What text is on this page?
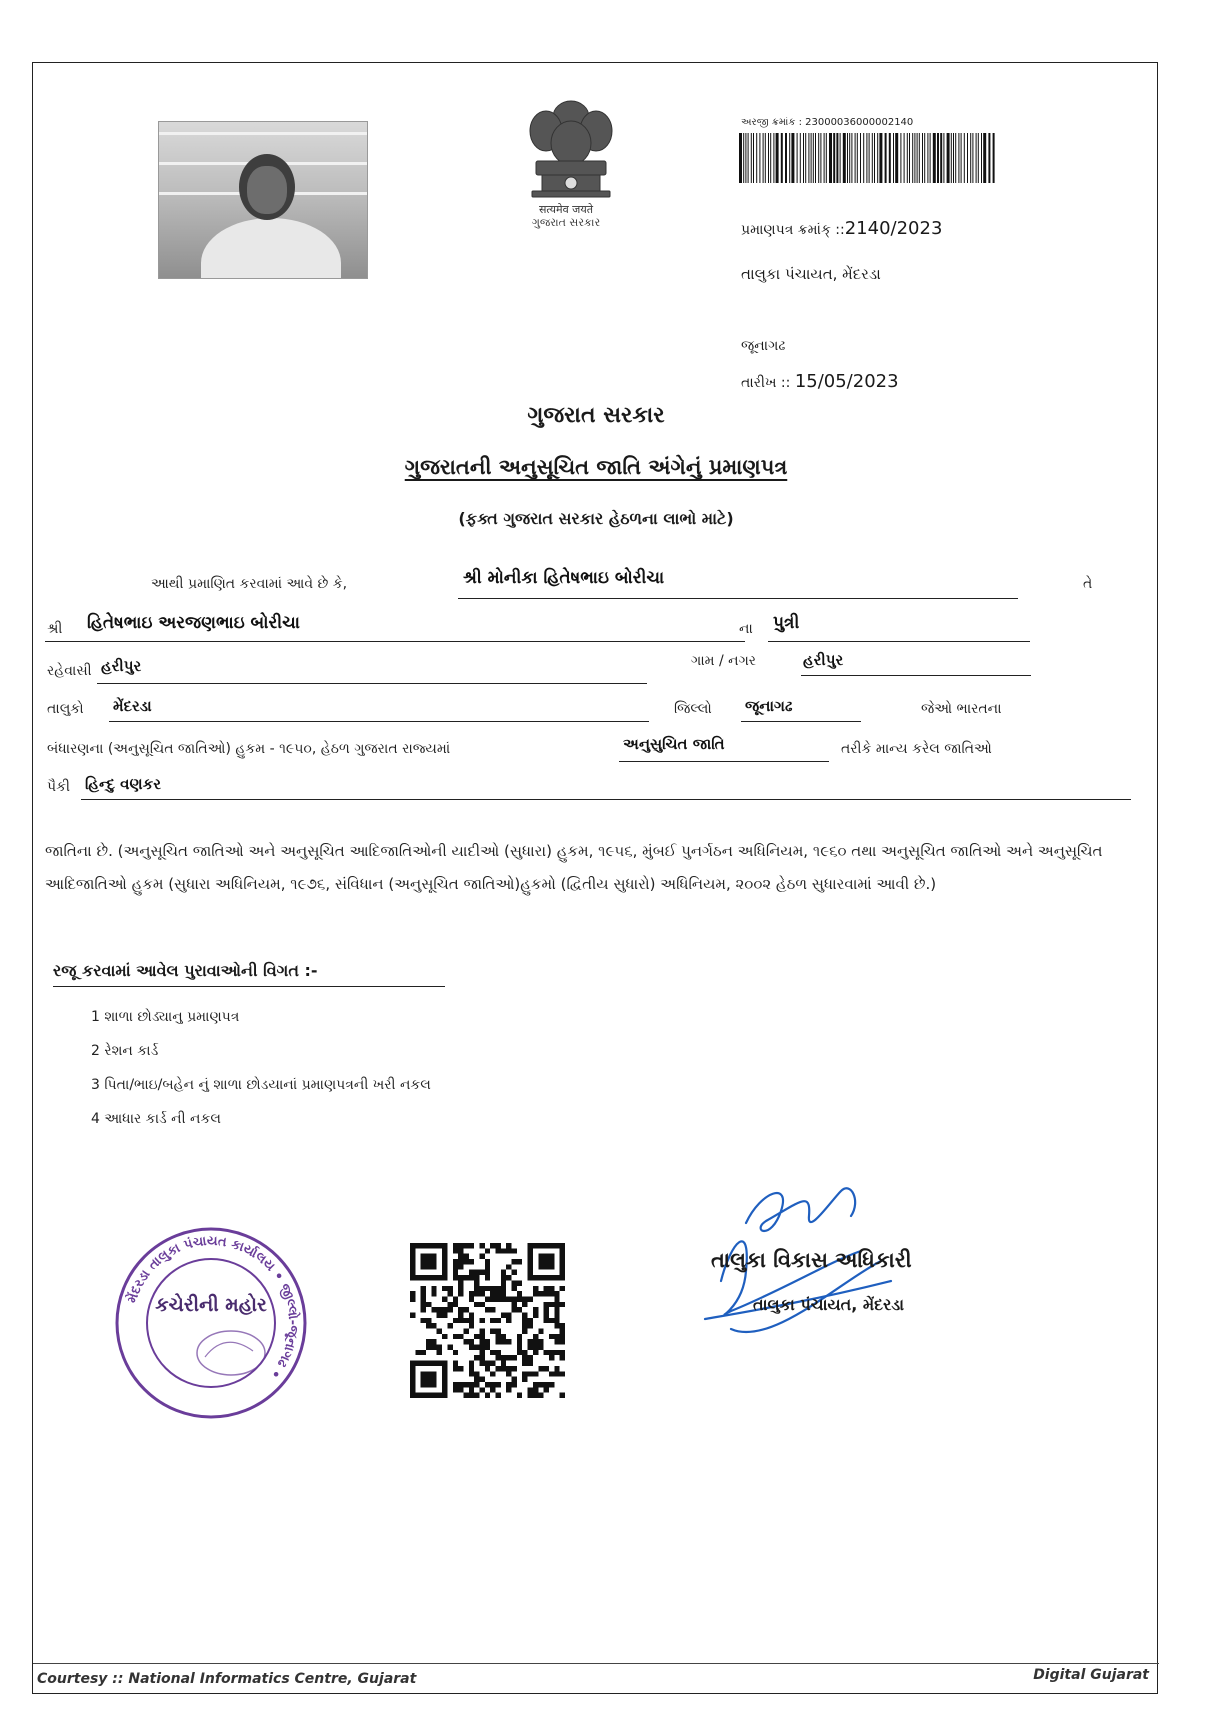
सत्यमेव जयते
ગુજરાત સરકાર
અરજી ક્રમાંક : 23000036000002140
પ્રમાણપત્ર ક્રમાંક્ ::2140/2023
તાલુકા પંચાયત, મેંદરડા
જૂનાગઢ
તારીખ :: 15/05/2023
ગુજરાત સરકાર
ગુજરાતની અનુસૂચિત જાતિ અંગેનું પ્રમાણપત્ર
(ફક્ત ગુજરાત સરકાર હેઠળના લાભો માટે)
આથી પ્રમાણિત કરવામાં આવે છે કે,	શ્રી મોનીકા હિતેષભાઇ બોરીચા	તે
શ્રી હિતેષભાઇ અરજણભાઇ બોરીચા	ના પુત્રી
રહેવાસી હરીપુર	ગામ / નગર	હરીપુર
તાલુકો મેંદરડા	જિલ્લો જૂનાગઢ	જેઓ ભારતના
બંધારણના (અનુસૂચિત જાતિઓ) હુકમ - ૧૯૫૦, હેઠળ ગુજરાત રાજ્યમાં	અનુસુચિત જાતિ	તરીકે માન્ય કરેલ જાતિઓ
પૈકી હિન્દુ વણકર
જાતિના છે. (અનુસૂચિત જાતિઓ અને અનુસૂચિત આદિજાતિઓની યાદીઓ (સુધારા) હુકમ, ૧૯૫૬, મુંબઈ પુનર્ગઠન અધિનિયમ, ૧૯૬૦ તથા અનુસૂચિત જાતિઓ અને અનુસૂચિત આદિજાતિઓ હુકમ (સુધારા અધિનિયમ, ૧૯૭૬, સંવિધાન (અનુસૂચિત જાતિઓ)હુકમો (દ્વિતીય સુધારો) અધિનિયમ, ૨૦૦૨ હેઠળ સુધારવામાં આવી છે.)
રજૂ કરવામાં આવેલ પુરાવાઓની વિગત :-
1 શાળા છોડ્યાનુ પ્રમાણપત્ર
2 રેશન કાર્ડ
3 પિતા/ભાઇ/બહેન નું શાળા છોડયાનાં પ્રમાણપત્રની ખરી નકલ
4 આધાર કાર્ડ ની નકલ
મેંદરડા તાલુકા પંચાયત કાર્યાલય • જીલ્લો-જૂનાગઢ •
કચેરીની મહોર
તાલુકા વિકાસ અધિકારી
તાલુકા પંચાયત, મેંદરડા
Courtesy :: National Informatics Centre, Gujarat	Digital Gujarat
